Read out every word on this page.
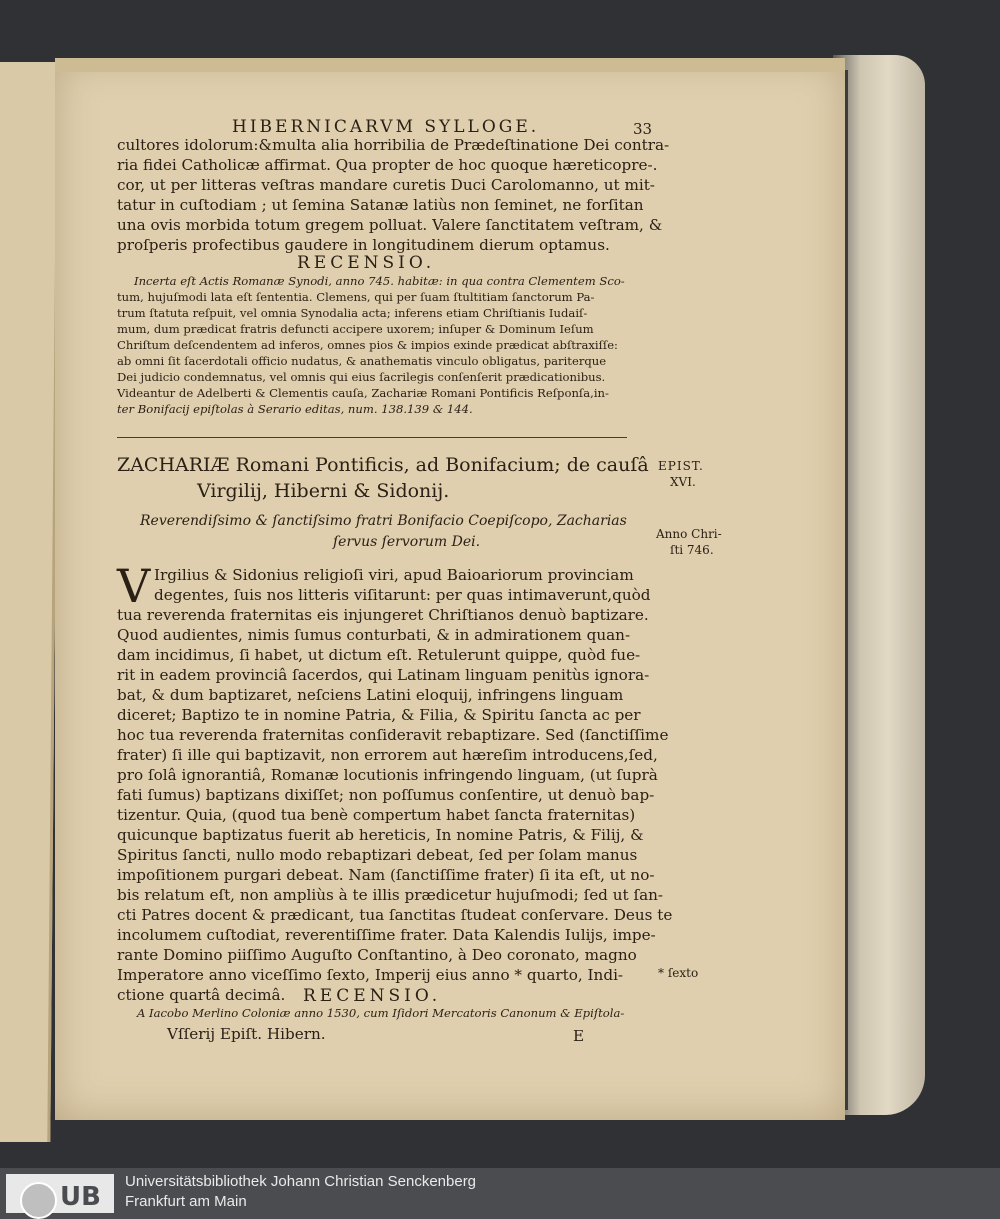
HIBERNICARVM SYLLOGE.	33
cultores idolorum:&multa alia horribilia de Prædeſtinatione Dei contra-
ria fidei Catholicæ affirmat. Qua propter de hoc quoque hæreticopre-.
cor, ut per litteras veſtras mandare curetis Duci Carolomanno, ut mit-
tatur in cuſtodiam ; ut ſemina Satanæ latiùs non ſeminet, ne forſitan
una ovis morbida totum gregem polluat. Valere ſanctitatem veſtram, &
proſperis profectibus gaudere in longitudinem dierum optamus.
RECENSIO.
Incerta eſt Actis Romanæ Synodi, anno 745. habitæ: in qua contra Clementem Sco-
tum, hujuſmodi lata eſt ſententia. Clemens, qui per ſuam ſtultitiam ſanctorum Pa-
trum ſtatuta reſpuit, vel omnia Synodalia acta; inferens etiam Chriſtianis Iudaiſ-
mum, dum prædicat fratris defuncti accipere uxorem; inſuper & Dominum Ieſum
Chriſtum deſcendentem ad inferos, omnes pios & impios exinde prædicat abſtraxiſſe:
ab omni ſit ſacerdotali officio nudatus, & anathematis vinculo obligatus, pariterque
Dei judicio condemnatus, vel omnis qui eius ſacrilegis conſenſerit prædicationibus.
Videantur de Adelberti & Clementis cauſa, Zachariæ Romani Pontificis Reſponſa,in-
ter Bonifacij epiſtolas à Serario editas, num. 138.139 & 144.
ZACHARIÆ Romani Pontificis, ad Bonifacium; de cauſâ
Virgilij, Hiberni & Sidonij.
EPIST.
XVI.
Reverendiſsimo & ſanctiſsimo fratri Bonifacio Coepiſcopo, Zacharias
ſervus ſervorum Dei.	Anno Chri-
ſti 746.
V Irgilius & Sidonius religioſi viri, apud Baioariorum provinciam
degentes, ſuis nos litteris viſitarunt: per quas intimaverunt,quòd
tua reverenda fraternitas eis injungeret Chriſtianos denuò baptizare.
Quod audientes, nimis ſumus conturbati, & in admirationem quan-
dam incidimus, ſi habet, ut dictum eſt. Retulerunt quippe, quòd fue-
rit in eadem provinciâ ſacerdos, qui Latinam linguam penitùs ignora-
bat, & dum baptizaret, neſciens Latini eloquij, infringens linguam
diceret; Baptizo te in nomine Patria, & Filia, & Spiritu ſancta ac per
hoc tua reverenda fraternitas conſideravit rebaptizare. Sed (ſanctiſſime
frater) ſi ille qui baptizavit, non errorem aut hæreſim introducens,ſed,
pro ſolâ ignorantiâ, Romanæ locutionis infringendo linguam, (ut ſuprà
fati ſumus) baptizans dixiſſet; non poſſumus conſentire, ut denuò bap-
tizentur. Quia, (quod tua benè compertum habet ſancta fraternitas)
quicunque baptizatus fuerit ab hereticis, In nomine Patris, & Filij, &
Spiritus ſancti, nullo modo rebaptizari debeat, ſed per ſolam manus
impoſitionem purgari debeat. Nam (ſanctiſſime frater) ſi ita eſt, ut no-
bis relatum eſt, non ampliùs à te illis prædicetur hujuſmodi; ſed ut ſan-
cti Patres docent & prædicant, tua ſanctitas ſtudeat conſervare. Deus te
incolumem cuſtodiat, reverentiſſime frater. Data Kalendis Iulijs, impe-
rante Domino piiſſimo Auguſto Conſtantino, à Deo coronato, magno
Imperatore anno viceſſimo ſexto, Imperij eius anno * quarto, Indi-
ctione quartâ decimâ.
* ſexto
RECENSIO.
A Iacobo Merlino Coloniæ anno 1530, cum Iſidori Mercatoris Canonum & Epiſtola-
Vſſerij Epiſt. Hibern.	E
UB
Universitätsbibliothek Johann Christian Senckenberg
Frankfurt am Main
